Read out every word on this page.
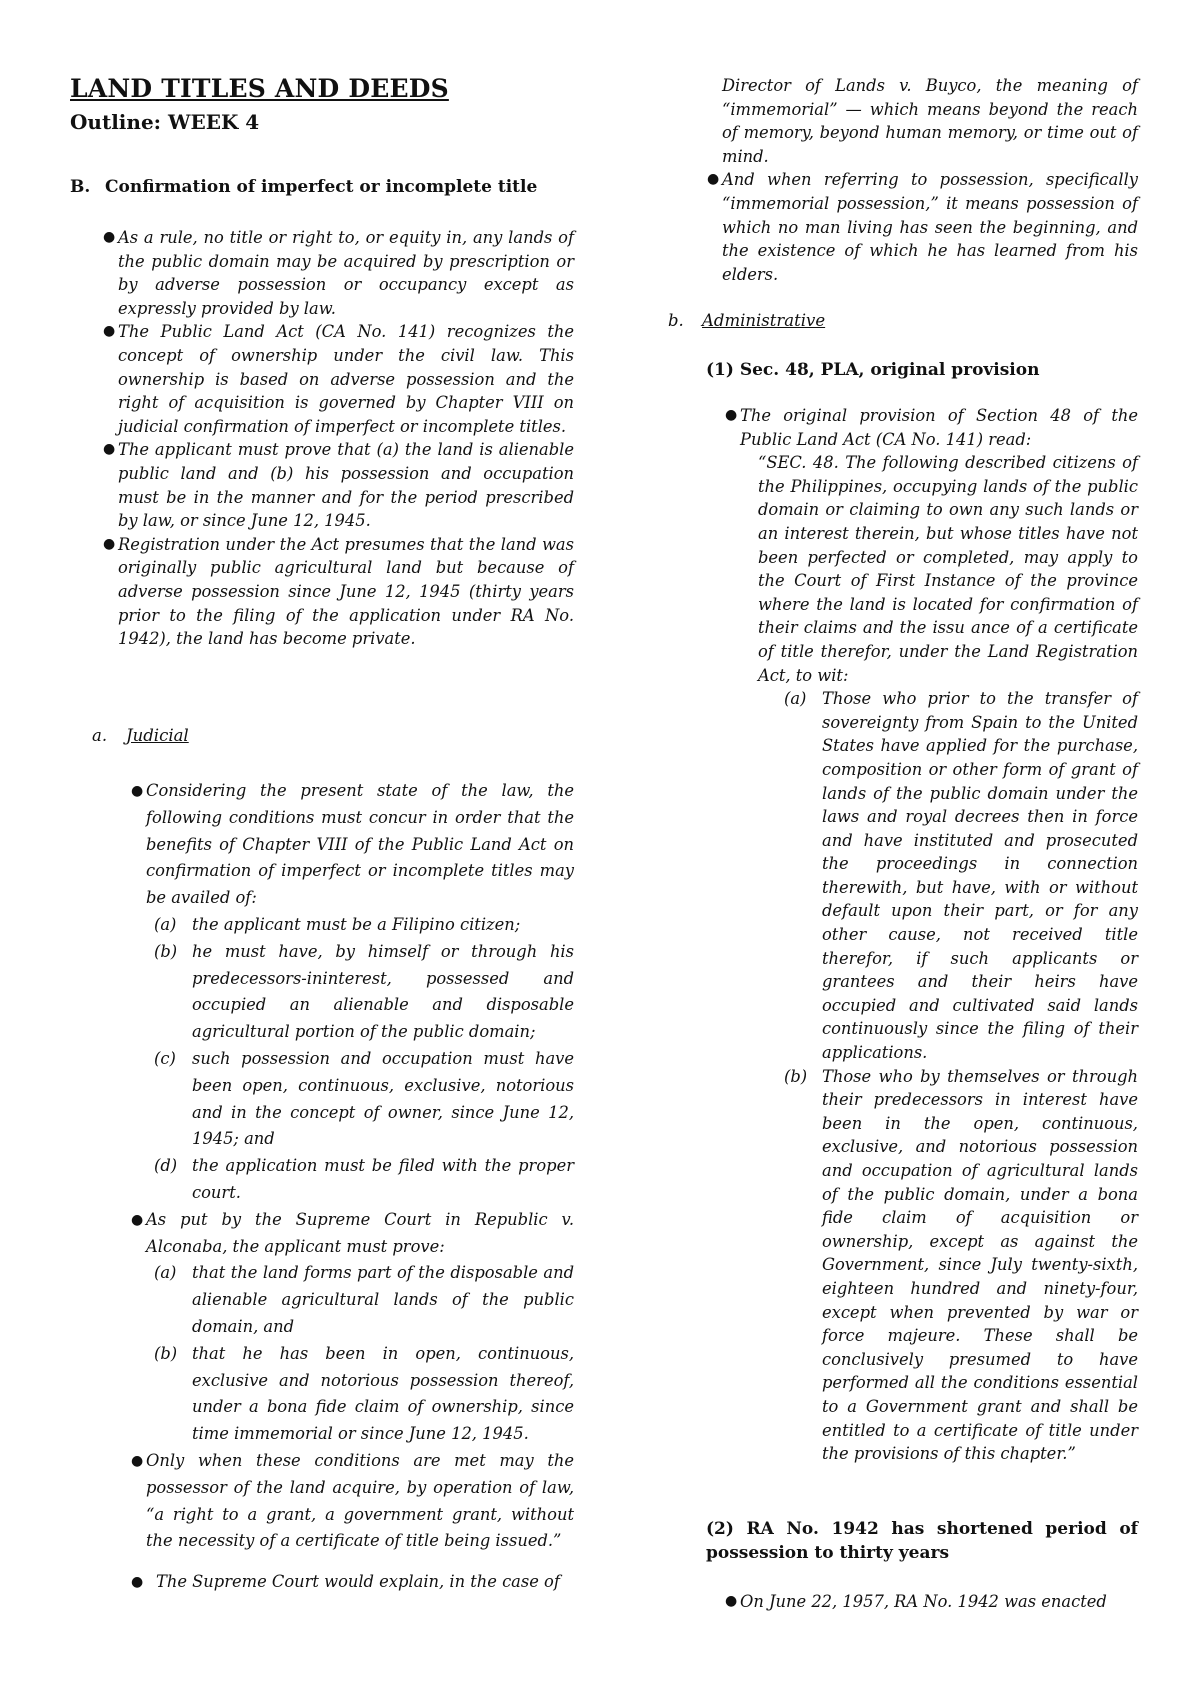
LAND TITLES AND DEEDS
Outline: WEEK 4
B. Confirmation of imperfect or incomplete title
● As a rule, no title or right to, or equity in, any lands of the public domain may be acquired by prescription or by adverse possession or occupancy except as expressly provided by law.

● The Public Land Act (CA No. 141) recognizes the concept of ownership under the civil law. This ownership is based on adverse possession and the right of acquisition is governed by Chapter VIII on judicial confirmation of imperfect or incomplete titles.

● The applicant must prove that (a) the land is alienable public land and (b) his possession and occupation must be in the manner and for the period prescribed by law, or since June 12, 1945.

● Registration under the Act presumes that the land was originally public agricultural land but because of adverse possession since June 12, 1945 (thirty years prior to the filing of the application under RA No. 1942), the land has become private.

a. Judicial
● Considering the present state of the law, the following conditions must concur in order that the benefits of Chapter VIII of the Public Land Act on confirmation of imperfect or incomplete titles may be availed of:

(a) the applicant must be a Filipino citizen;

(b) he must have, by himself or through his predecessors-ininterest, possessed and occupied an alienable and disposable agricultural portion of the public domain;

(c) such possession and occupation must have been open, continuous, exclusive, notorious and in the concept of owner, since June 12, 1945; and

(d) the application must be filed with the proper court.

● As put by the Supreme Court in Republic v. Alconaba, the applicant must prove:

(a) that the land forms part of the disposable and alienable agricultural lands of the public domain, and

(b) that he has been in open, continuous, exclusive and notorious possession thereof, under a bona fide claim of ownership, since time immemorial or since June 12, 1945.

● Only when these conditions are met may the possessor of the land acquire, by operation of law, “a right to a grant, a government grant, without the necessity of a certificate of title being issued.”

● The Supreme Court would explain, in the case of

Director of Lands v. Buyco, the meaning of “immemorial” — which means beyond the reach of memory, beyond human memory, or time out of mind.

● And when referring to possession, specifically “immemorial possession,” it means possession of which no man living has seen the beginning, and the existence of which he has learned from his elders.

b. Administrative
(1) Sec. 48, PLA, original provision
● The original provision of Section 48 of the Public Land Act (CA No. 141) read:

“SEC. 48. The following described citizens of the Philippines, occupying lands of the public domain or claiming to own any such lands or an interest therein, but whose titles have not been perfected or completed, may apply to the Court of First Instance of the province where the land is located for confirmation of their claims and the issu ance of a certificate of title therefor, under the Land Registration Act, to wit:

(a) Those who prior to the transfer of sovereignty from Spain to the United States have applied for the purchase, composition or other form of grant of lands of the public domain under the laws and royal decrees then in force and have instituted and prosecuted the proceedings in connection therewith, but have, with or without default upon their part, or for any other cause, not received title therefor, if such applicants or grantees and their heirs have occupied and cultivated said lands continuously since the filing of their applications.

(b) Those who by themselves or through their predecessors in interest have been in the open, continuous, exclusive, and notorious possession and occupation of agricultural lands of the public domain, under a bona fide claim of acquisition or ownership, except as against the Government, since July twenty-sixth, eighteen hundred and ninety-four, except when prevented by war or force majeure. These shall be conclusively presumed to have performed all the conditions essential to a Government grant and shall be entitled to a certificate of title under the provisions of this chapter.”

(2) RA No. 1942 has shortened period of possession to thirty years
● On June 22, 1957, RA No. 1942 was enacted
